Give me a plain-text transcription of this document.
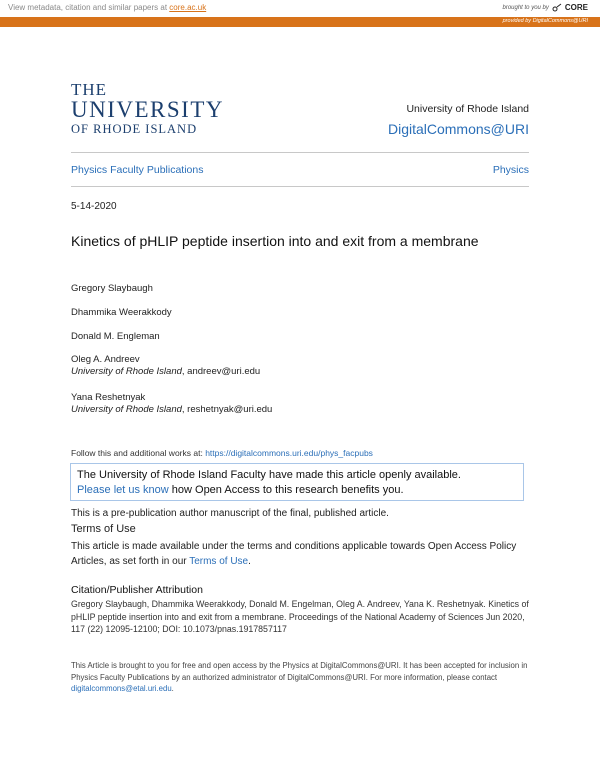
View metadata, citation and similar papers at core.ac.uk	brought to you by CORE
provided by DigitalCommons@URI
THE
UNIVERSITY
OF RHODE ISLAND
University of Rhode Island
DigitalCommons@URI
Physics Faculty Publications	Physics
5-14-2020
Kinetics of pHLIP peptide insertion into and exit from a membrane
Gregory Slaybaugh
Dhammika Weerakkody
Donald M. Engleman
Oleg A. Andreev
University of Rhode Island, andreev@uri.edu
Yana Reshetnyak
University of Rhode Island, reshetnyak@uri.edu
Follow this and additional works at: https://digitalcommons.uri.edu/phys_facpubs
The University of Rhode Island Faculty have made this article openly available.
Please let us know how Open Access to this research benefits you.
This is a pre-publication author manuscript of the final, published article.
Terms of Use
This article is made available under the terms and conditions applicable towards Open Access Policy Articles, as set forth in our Terms of Use.
Citation/Publisher Attribution
Gregory Slaybaugh, Dhammika Weerakkody, Donald M. Engelman, Oleg A. Andreev, Yana K. Reshetnyak. Kinetics of pHLIP peptide insertion into and exit from a membrane. Proceedings of the National Academy of Sciences Jun 2020, 117 (22) 12095-12100; DOI: 10.1073/pnas.1917857117
This Article is brought to you for free and open access by the Physics at DigitalCommons@URI. It has been accepted for inclusion in Physics Faculty Publications by an authorized administrator of DigitalCommons@URI. For more information, please contact digitalcommons@etal.uri.edu.
